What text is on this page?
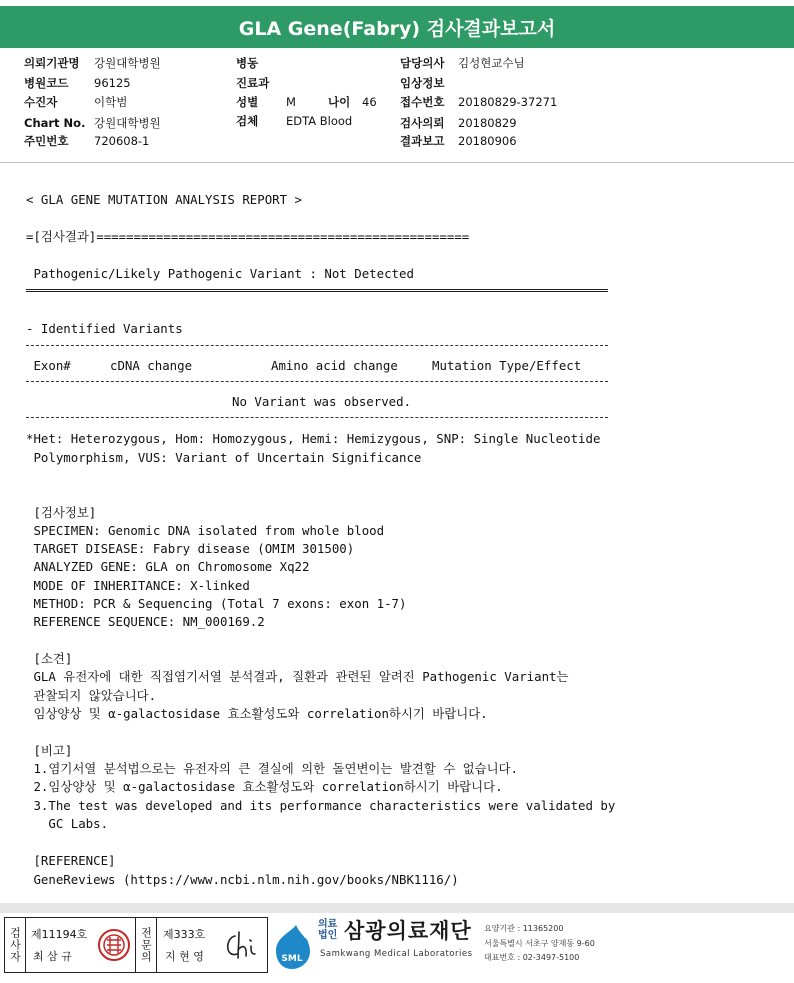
GLA Gene(Fabry) 검사결과보고서
의뢰기관명 강원대학병원
병원코드 96125
수진자	이학범
Chart No. 강원대학병원
주민번호 720608-1
병동
진료과
성별 M	나이 46
검체 EDTA Blood
담당의사 김성현교수님
임상정보
접수번호 20180829-37271
검사의뢰 20180829
결과보고 20180906
< GLA GENE MUTATION ANALYSIS REPORT >
=[검사결과]==================================================
Pathogenic/Likely Pathogenic Variant : Not Detected
- Identified Variants
Exon#	cDNA change	Amino acid change	Mutation Type/Effect
No Variant was observed.
*Het: Heterozygous, Hom: Homozygous, Hemi: Hemizygous, SNP: Single Nucleotide
Polymorphism, VUS: Variant of Uncertain Significance
[검사정보]
SPECIMEN: Genomic DNA isolated from whole blood
TARGET DISEASE: Fabry disease (OMIM 301500)
ANALYZED GENE: GLA on Chromosome Xq22
MODE OF INHERITANCE: X-linked
METHOD: PCR & Sequencing (Total 7 exons: exon 1-7)
REFERENCE SEQUENCE: NM_000169.2
[소견]
GLA 유전자에 대한 직접염기서열 분석결과, 질환과 관련된 알려진 Pathogenic Variant는
관찰되지 않았습니다.
임상양상 및 α-galactosidase 효소활성도와 correlation하시기 바랍니다.
[비고]
1.염기서열 분석법으로는 유전자의 큰 결실에 의한 돌연변이는 발견할 수 없습니다.
2.임상양상 및 α-galactosidase 효소활성도와 correlation하시기 바랍니다.
3.The test was developed and its performance characteristics were validated by
GC Labs.
[REFERENCE]
GeneReviews (https://www.ncbi.nlm.nih.gov/books/NBK1116/)
검사자 제11194호
최 삼 규	전문의 제333호
지 현 영	SML
의료
법인 삼광의료재단
Samkwang Medical Laboratories
요양기관 : 11365200
서울특별시 서초구 양재동 9-60
대표번호 : 02-3497-5100
